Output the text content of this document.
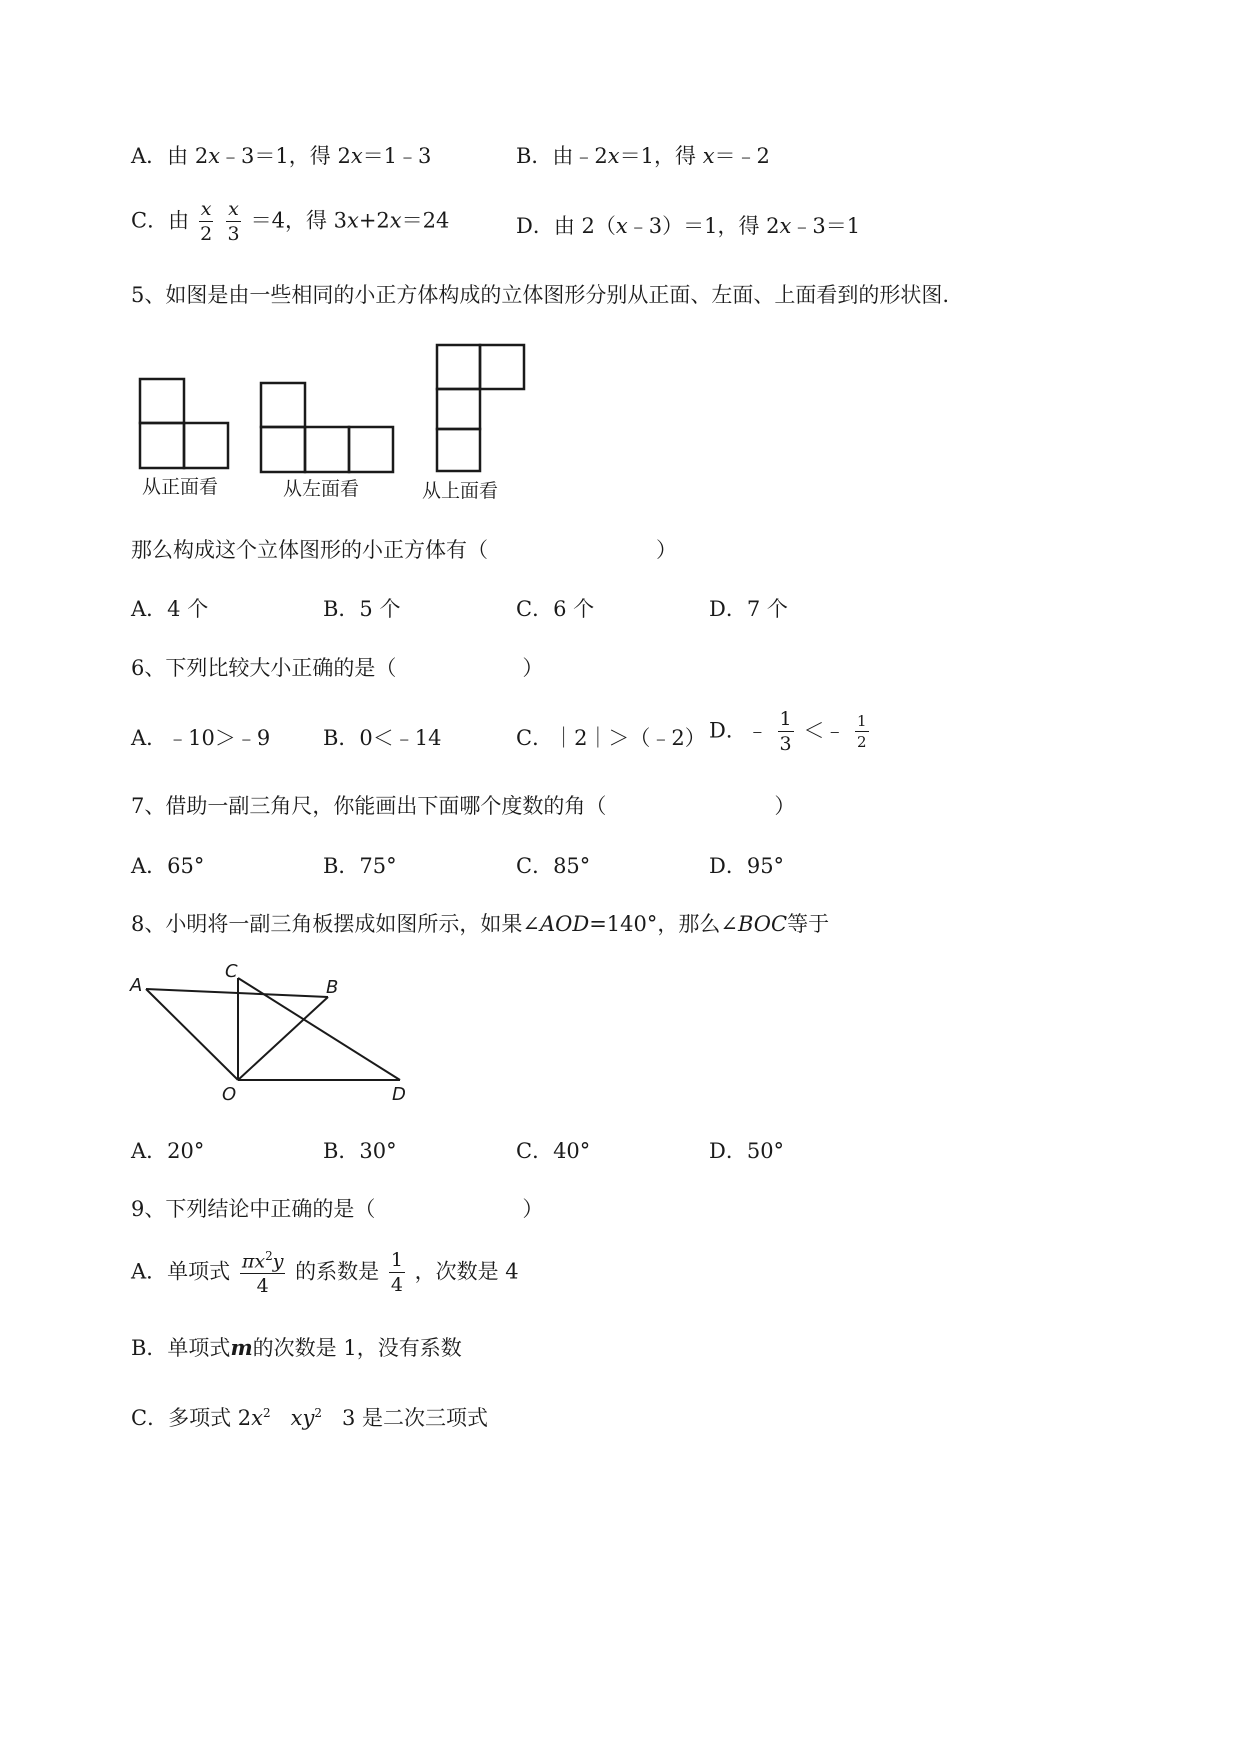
A．由 2x﹣3＝1，得 2x＝1﹣3	B．由﹣2x＝1，得 x＝﹣2
C．由 $\frac{x}{2}$
$\frac{x}{3} =4$，得 3x+2x＝24	D．由 2（x﹣3）＝1，得 2x﹣3＝1
5、如图是由一些相同的小正方体构成的立体图形分别从正面、左面、上面看到的形状图.
从正面看	从左面看	从上面看
那么构成这个立体图形的小正方体有（　　　　　　　　）
A．4 个	B．5 个	C．6 个	D．7 个
6、下列比较大小正确的是（　　　　　　）
A．﹣10＞﹣9	B．0＜﹣14	C．｜2｜＞（﹣2） D．﹣ $\frac{1}{3}$ ＜﹣ $\frac{1}{2}$
7、借助一副三角尺，你能画出下面哪个度数的角（　　　　　　　　）
A．65°	B．75°	C．85°	D．95°
8、小明将一副三角板摆成如图所示，如果∠AOD=140°，那么∠BOC等于
A
C
B
O	D
A．20°	B．30°	C．40°	D．50°
9、下列结论中正确的是（　　　　　　　）
A．单项式 $\frac{\pi x^2y}{4}$ 的系数是 $\frac{1}{4}$ ，次数是 4
B．单项式m的次数是 1，没有系数
C．多项式 $2x^2$ $xy^2$ 3 是二次三项式
